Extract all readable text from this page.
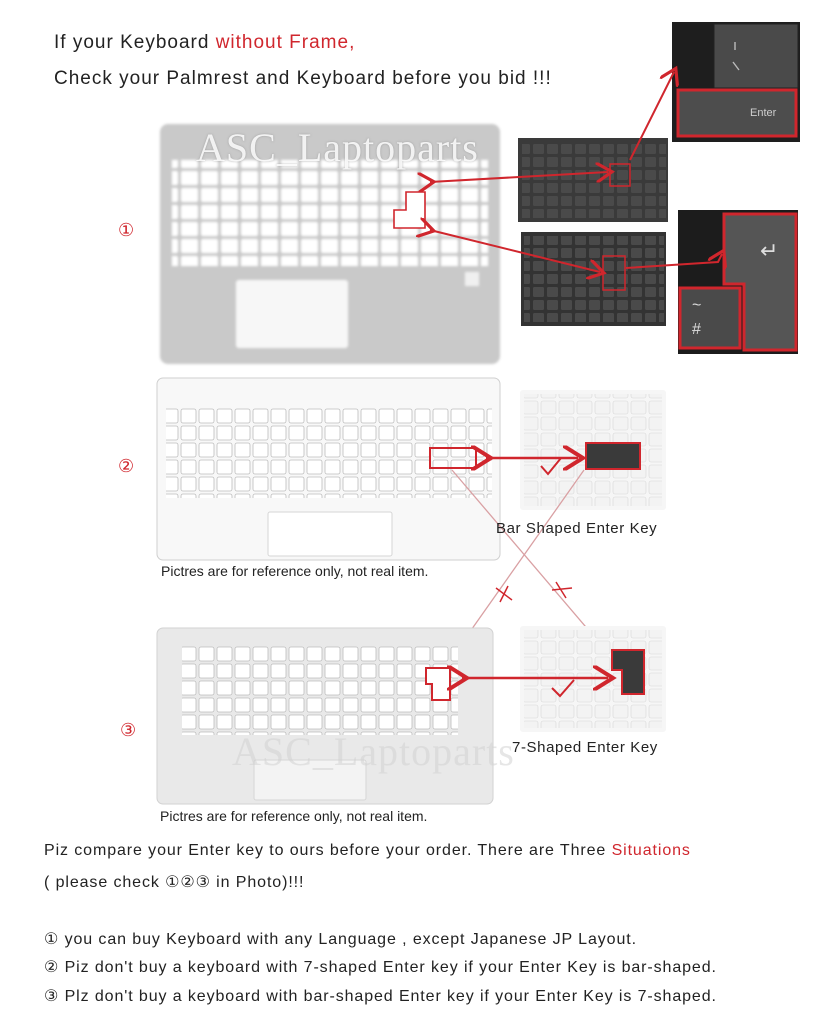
If your Keyboard without Frame,
Check your Palmrest and Keyboard before you bid !!!
Enter
↵
~
#
ASC_Laptoparts
ASC_Laptoparts
①
②
③
Bar Shaped Enter Key
Pictres are for reference only, not real item.
7-Shaped Enter Key
Pictres are for reference only, not real item.
Piz compare your Enter key to ours before your order. There are Three Situations
( please check ①②③ in Photo)!!!
① you can buy Keyboard with any Language , except Japanese JP Layout.
② Piz don't buy a keyboard with 7-shaped Enter key if your Enter Key is bar-shaped.
③ Plz don't buy a keyboard with bar-shaped Enter key if your Enter Key is 7-shaped.
